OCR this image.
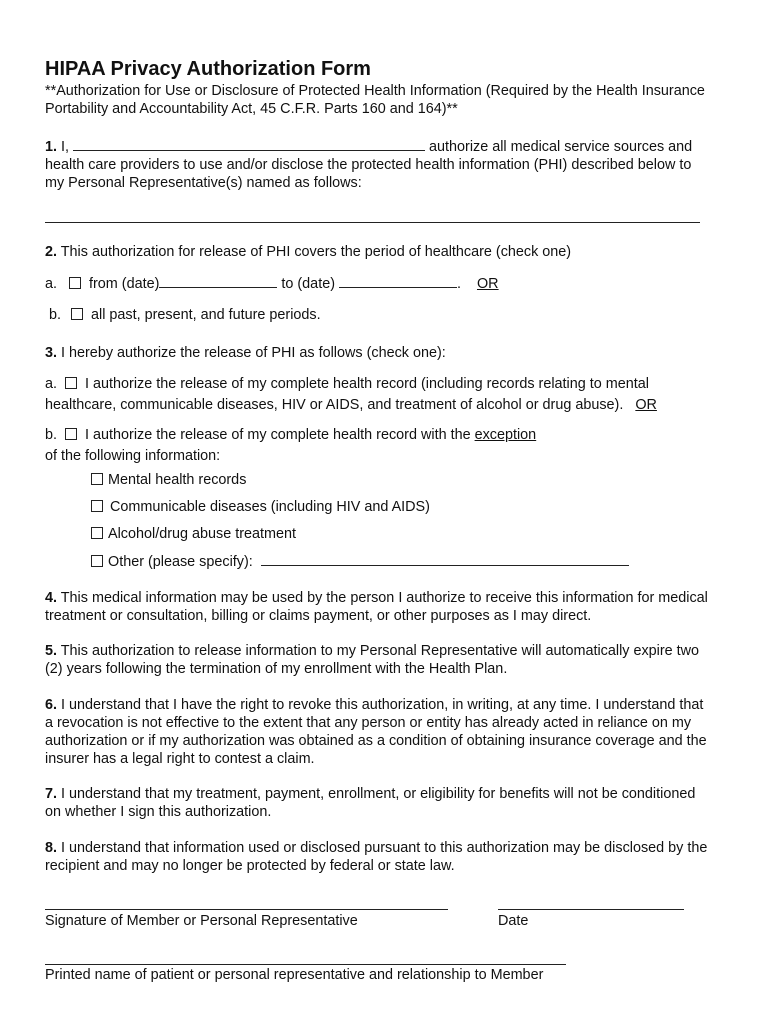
HIPAA Privacy Authorization Form
**Authorization for Use or Disclosure of Protected Health Information (Required by the Health Insurance Portability and Accountability Act, 45 C.F.R. Parts 160 and 164)**
1. I,	authorize all medical service sources and health care providers to use and/or disclose the protected health information (PHI) described below to my Personal Representative(s) named as follows:
2. This authorization for release of PHI covers the period of healthcare (check one)
a. from (date)	to (date)	. OR
b. all past, present, and future periods.
3. I hereby authorize the release of PHI as follows (check one):
a. I authorize the release of my complete health record (including records relating to mental healthcare, communicable diseases, HIV or AIDS, and treatment of alcohol or drug abuse). OR
b. I authorize the release of my complete health record with the exception
of the following information:
Mental health records
Communicable diseases (including HIV and AIDS)
Alcohol/drug abuse treatment
Other (please specify):
4. This medical information may be used by the person I authorize to receive this information for medical treatment or consultation, billing or claims payment, or other purposes as I may direct.
5. This authorization to release information to my Personal Representative will automatically expire two (2) years following the termination of my enrollment with the Health Plan.
6. I understand that I have the right to revoke this authorization, in writing, at any time. I understand that a revocation is not effective to the extent that any person or entity has already acted in reliance on my authorization or if my authorization was obtained as a condition of obtaining insurance coverage and the insurer has a legal right to contest a claim.
7. I understand that my treatment, payment, enrollment, or eligibility for benefits will not be conditioned on whether I sign this authorization.
8. I understand that information used or disclosed pursuant to this authorization may be disclosed by the recipient and may no longer be protected by federal or state law.
Signature of Member or Personal Representative	Date
Printed name of patient or personal representative and relationship to Member
